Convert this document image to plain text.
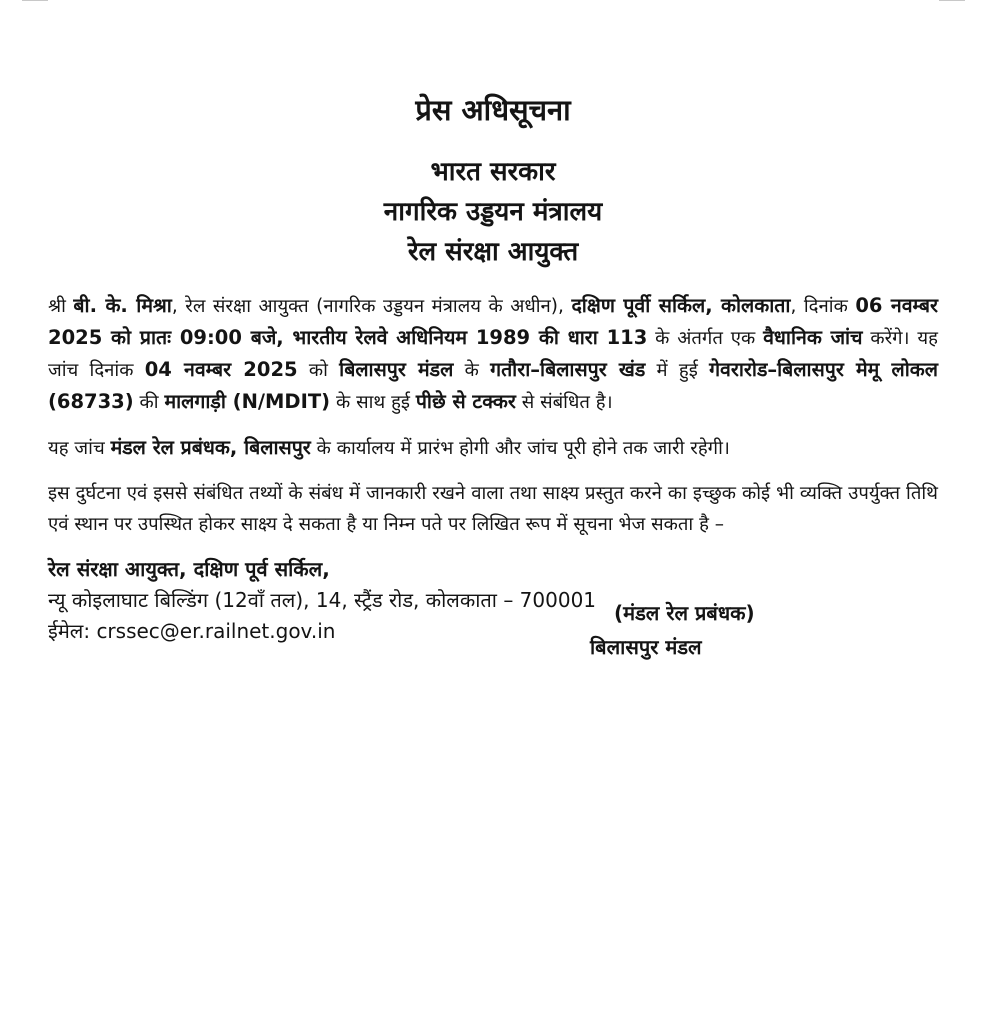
प्रेस अधिसूचना
भारत सरकार
नागरिक उड्डयन मंत्रालय
रेल संरक्षा आयुक्त

श्री बी. के. मिश्रा, रेल संरक्षा आयुक्त (नागरिक उड्डयन मंत्रालय के अधीन), दक्षिण पूर्वी सर्किल, कोलकाता, दिनांक 06 नवम्बर 2025 को प्रातः 09:00 बजे, भारतीय रेलवे अधिनियम 1989 की धारा 113 के अंतर्गत एक वैधानिक जांच करेंगे। यह जांच दिनांक 04 नवम्बर 2025 को बिलासपुर मंडल के गतौरा–बिलासपुर खंड में हुई गेवरारोड–बिलासपुर मेमू लोकल (68733) की मालगाड़ी (N/MDIT) के साथ हुई पीछे से टक्कर से संबंधित है।

यह जांच मंडल रेल प्रबंधक, बिलासपुर के कार्यालय में प्रारंभ होगी और जांच पूरी होने तक जारी रहेगी।

इस दुर्घटना एवं इससे संबंधित तथ्यों के संबंध में जानकारी रखने वाला तथा साक्ष्य प्रस्तुत करने का इच्छुक कोई भी व्यक्ति उपर्युक्त तिथि एवं स्थान पर उपस्थित होकर साक्ष्य दे सकता है या निम्न पते पर लिखित रूप में सूचना भेज सकता है –

रेल संरक्षा आयुक्त, दक्षिण पूर्व सर्किल,
न्यू कोइलाघाट बिल्डिंग (12वाँ तल), 14, स्ट्रैंड रोड, कोलकाता – 700001
ईमेल: crssec@er.railnet.gov.in
(मंडल रेल प्रबंधक)
बिलासपुर मंडल
